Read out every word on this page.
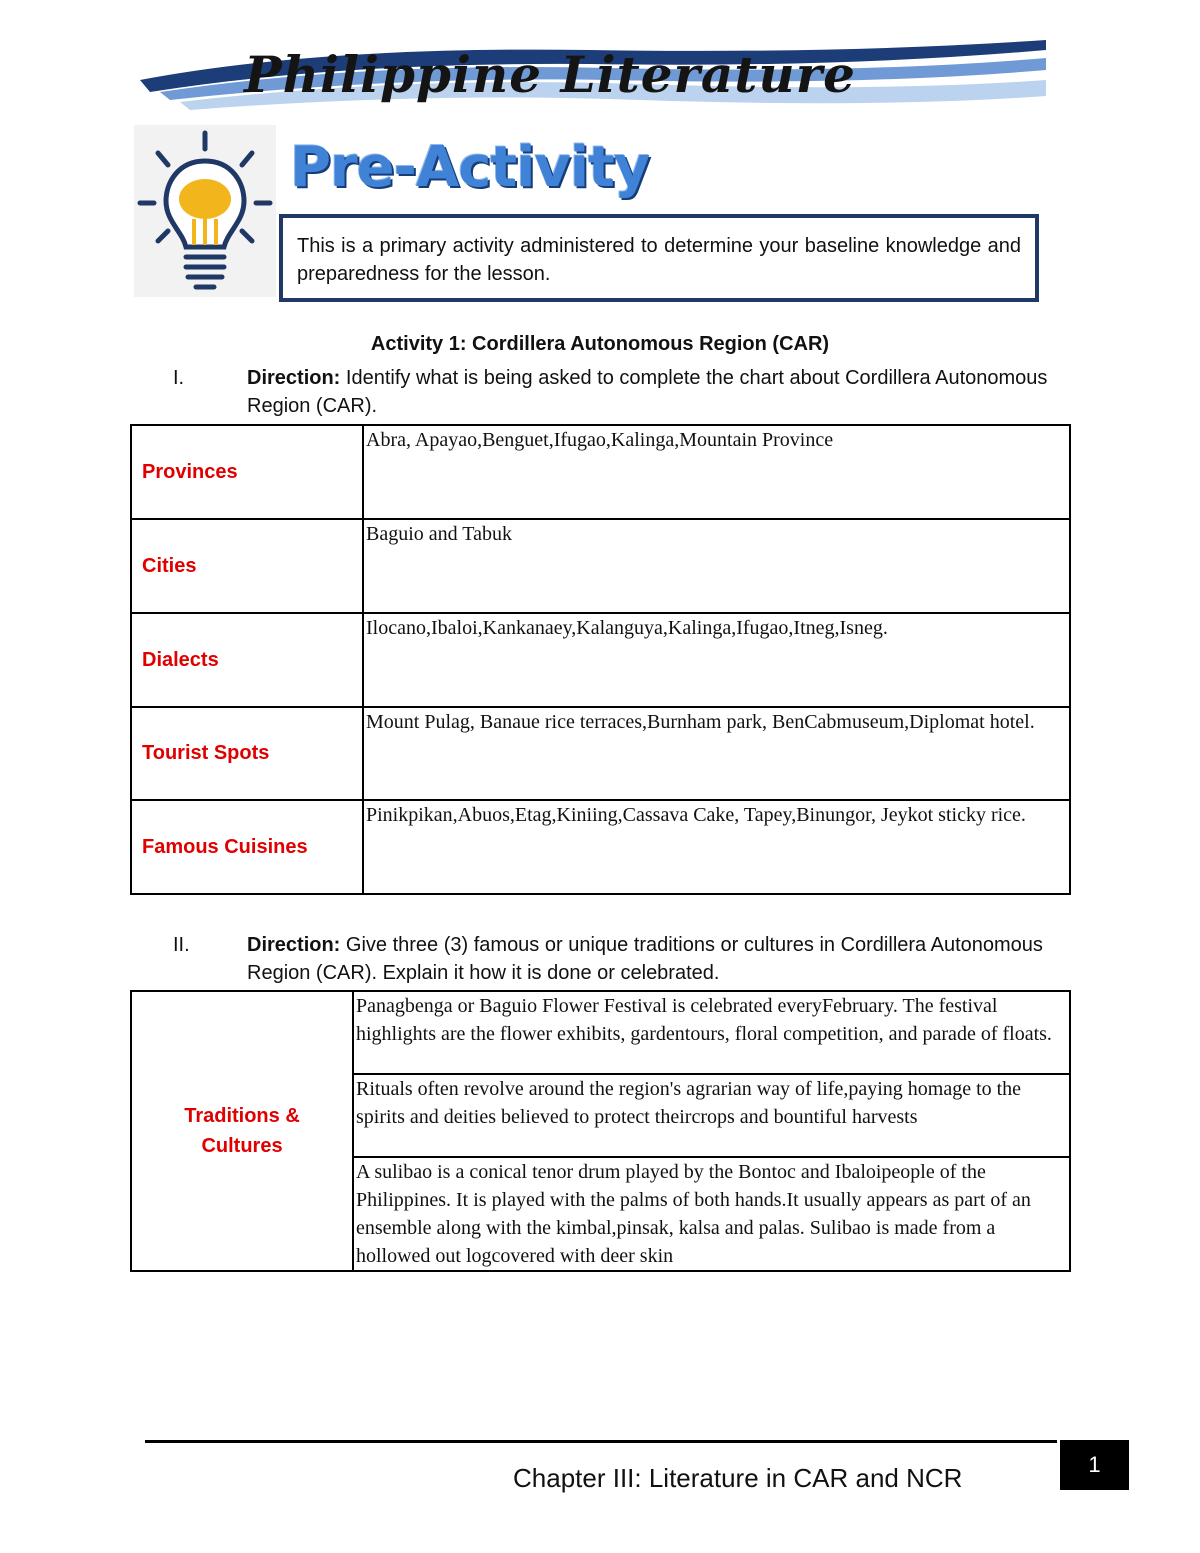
Philippine Literature
Pre-Activity
This is a primary activity administered to determine your baseline knowledge and preparedness for the lesson.
Activity 1: Cordillera Autonomous Region (CAR)
I.	Direction: Identify what is being asked to complete the chart about Cordillera Autonomous Region (CAR).
Provinces	Abra, Apayao,Benguet,Ifugao,Kalinga,Mountain Province
Cities	Baguio and Tabuk
Dialects	Ilocano,Ibaloi,Kankanaey,Kalanguya,Kalinga,Ifugao,Itneg,Isneg.
Tourist Spots	Mount Pulag, Banaue rice terraces,Burnham park, BenCabmuseum,Diplomat hotel.
Famous Cuisines	Pinikpikan,Abuos,Etag,Kiniing,Cassava Cake, Tapey,Binungor, Jeykot sticky rice.
II.	Direction: Give three (3) famous or unique traditions or cultures in Cordillera Autonomous Region (CAR). Explain it how it is done or celebrated.
Traditions &
Cultures
	Panagbenga or Baguio Flower Festival is celebrated everyFebruary. The festival highlights are the flower exhibits, gardentours, floral competition, and parade of floats.
Rituals often revolve around the region's agrarian way of life,paying homage to the spirits and deities believed to protect theircrops and bountiful harvests
A sulibao is a conical tenor drum played by the Bontoc and Ibaloipeople of the Philippines. It is played with the palms of both hands.It usually appears as part of an ensemble along with the kimbal,pinsak, kalsa and palas. Sulibao is made from a hollowed out logcovered with deer skin
Chapter III: Literature in CAR and NCR	1
